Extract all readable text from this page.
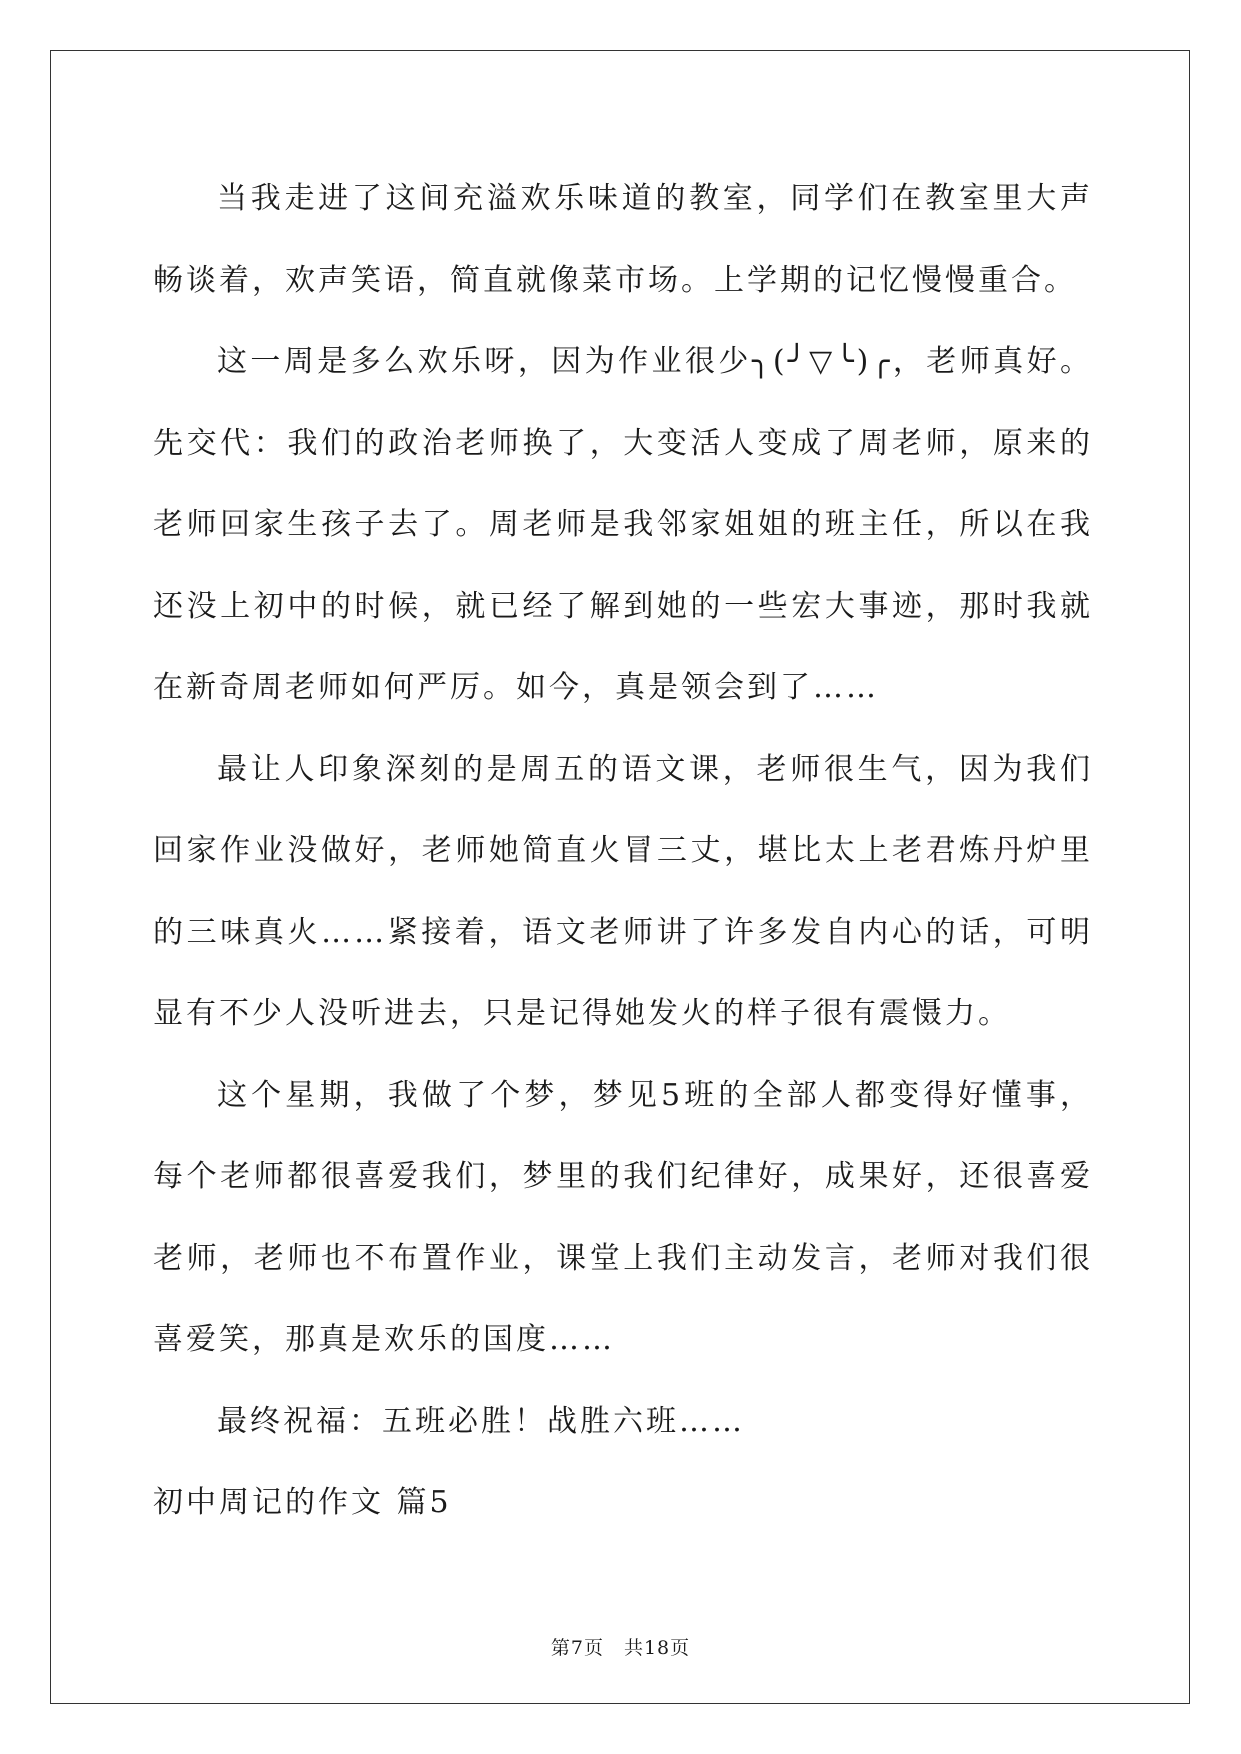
当我走进了这间充溢欢乐味道的教室，同学们在教室里大声畅谈着，欢声笑语，简直就像菜市场。上学期的记忆慢慢重合。

这一周是多么欢乐呀，因为作业很少╮(╯▽╰)╭，老师真好。先交代：我们的政治老师换了，大变活人变成了周老师，原来的老师回家生孩子去了。周老师是我邻家姐姐的班主任，所以在我还没上初中的时候，就已经了解到她的一些宏大事迹，那时我就在新奇周老师如何严厉。如今，真是领会到了……

最让人印象深刻的是周五的语文课，老师很生气，因为我们回家作业没做好，老师她简直火冒三丈，堪比太上老君炼丹炉里的三味真火……紧接着，语文老师讲了许多发自内心的话，可明显有不少人没听进去，只是记得她发火的样子很有震慑力。

这个星期，我做了个梦，梦见5班的全部人都变得好懂事，每个老师都很喜爱我们，梦里的我们纪律好，成果好，还很喜爱老师，老师也不布置作业，课堂上我们主动发言，老师对我们很喜爱笑，那真是欢乐的国度……

最终祝福：五班必胜！战胜六班……

初中周记的作文 篇5

第7页　共18页
